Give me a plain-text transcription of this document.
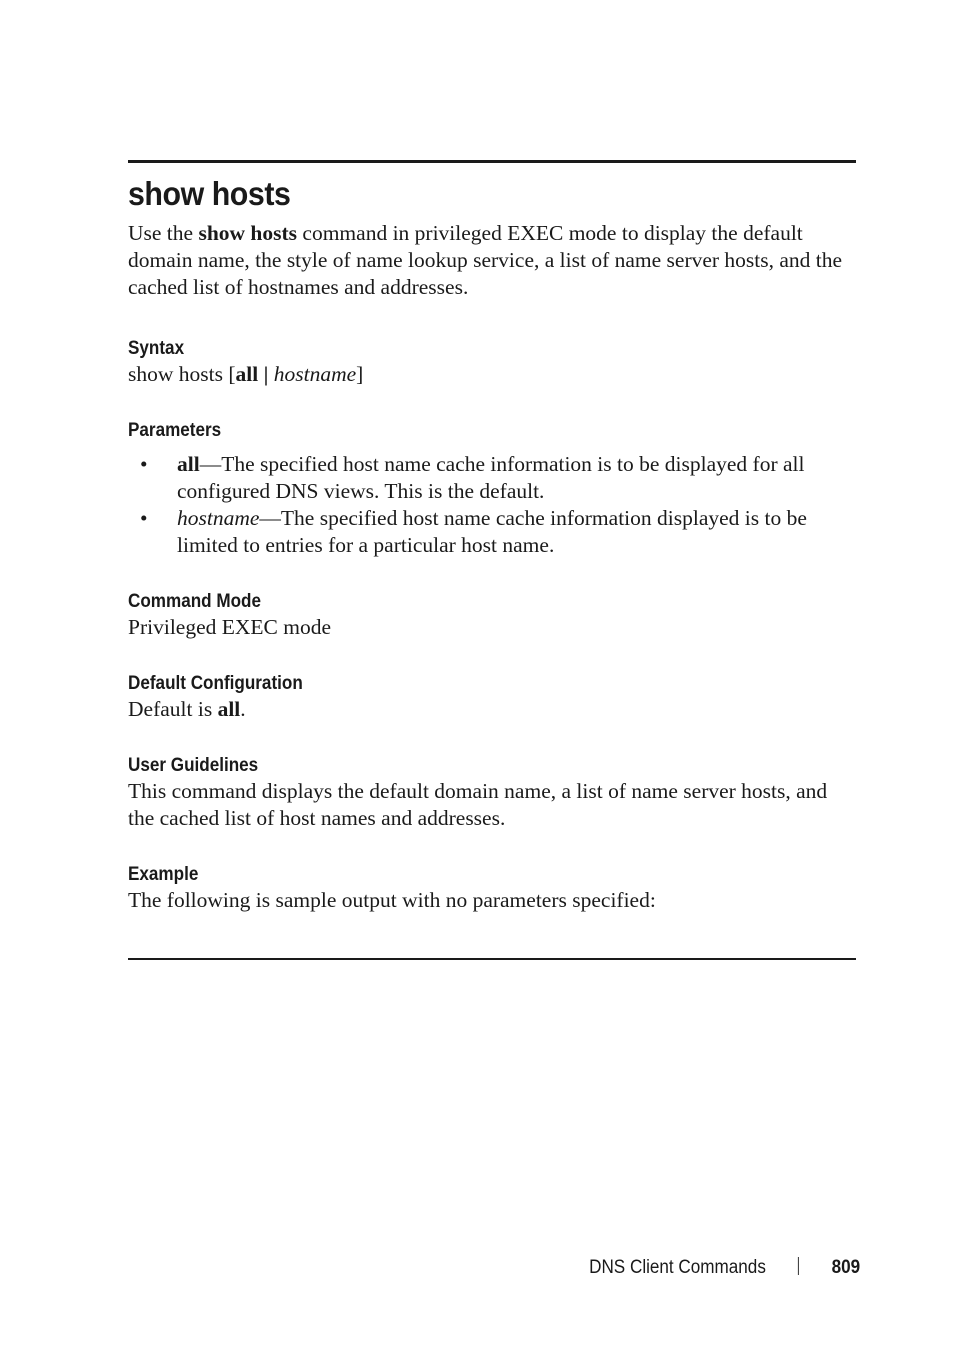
show hosts

Use the show hosts command in privileged EXEC mode to display the default domain name, the style of name lookup service, a list of name server hosts, and the cached list of hostnames and addresses.

Syntax

show hosts [all | hostname]

Parameters
• all—The specified host name cache information is to be displayed for all configured DNS views. This is the default.
• hostname—The specified host name cache information displayed is to be limited to entries for a particular host name.
Command Mode

Privileged EXEC mode

Default Configuration

Default is all.

User Guidelines

This command displays the default domain name, a list of name server hosts, and the cached list of host names and addresses.

Example

The following is sample output with no parameters specified:

DNS Client Commands	809
